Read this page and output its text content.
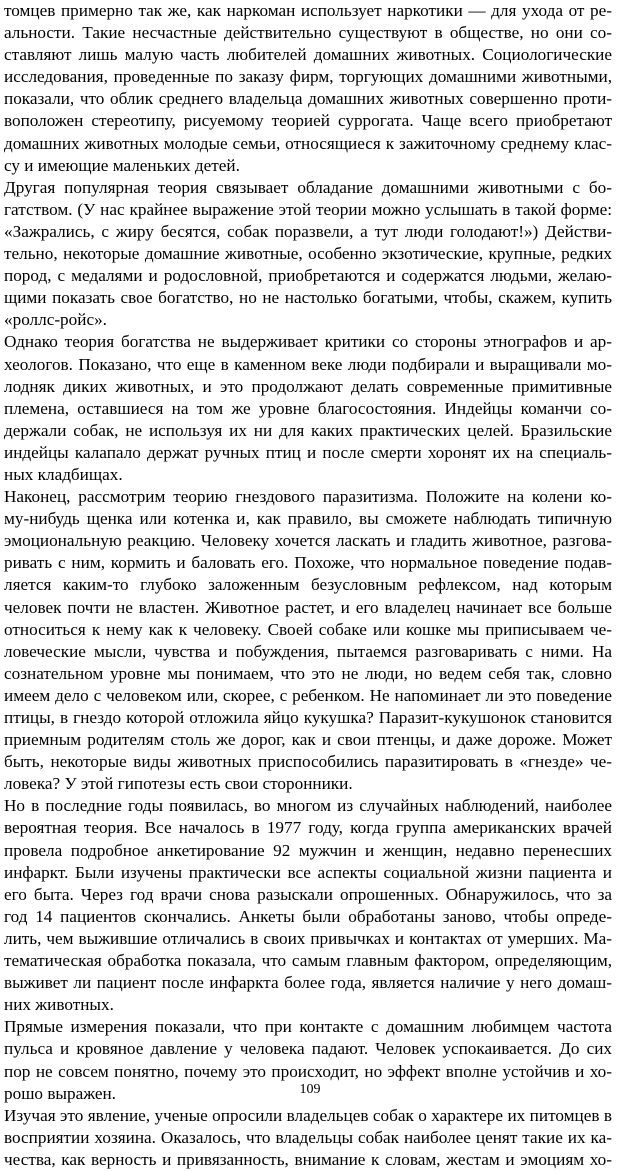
томцев примерно так же, как наркоман использует наркотики — для ухода от ре-
альности. Такие несчастные действительно существуют в обществе, но они со-
ставляют лишь малую часть любителей домашних животных. Социологические
исследования, проведенные по заказу фирм, торгующих домашними животными,
показали, что облик среднего владельца домашних животных совершенно проти-
воположен стереотипу, рисуемому теорией суррогата. Чаще всего приобретают
домашних животных молодые семьи, относящиеся к зажиточному среднему клас-
су и имеющие маленьких детей.
Другая популярная теория связывает обладание домашними животными с бо-
гатством. (У нас крайнее выражение этой теории можно услышать в такой форме:
«Зажрались, с жиру бесятся, собак поразвели, а тут люди голодают!») Действи-
тельно, некоторые домашние животные, особенно экзотические, крупные, редких
пород, с медалями и родословной, приобретаются и содержатся людьми, желаю-
щими показать свое богатство, но не настолько богатыми, чтобы, скажем, купить
«роллс-ройс».
Однако теория богатства не выдерживает критики со стороны этнографов и ар-
хеологов. Показано, что еще в каменном веке люди подбирали и выращивали мо-
лодняк диких животных, и это продолжают делать современные примитивные
племена, оставшиеся на том же уровне благосостояния. Индейцы команчи со-
держали собак, не используя их ни для каких практических целей. Бразильские
индейцы калапало держат ручных птиц и после смерти хоронят их на специаль-
ных кладбищах.
Наконец, рассмотрим теорию гнездового паразитизма. Положите на колени ко-
му-нибудь щенка или котенка и, как правило, вы сможете наблюдать типичную
эмоциональную реакцию. Человеку хочется ласкать и гладить животное, разгова-
ривать с ним, кормить и баловать его. Похоже, что нормальное поведение подав-
ляется каким-то глубоко заложенным безусловным рефлексом, над которым
человек почти не властен. Животное растет, и его владелец начинает все больше
относиться к нему как к человеку. Своей собаке или кошке мы приписываем че-
ловеческие мысли, чувства и побуждения, пытаемся разговаривать с ними. На
сознательном уровне мы понимаем, что это не люди, но ведем себя так, словно
имеем дело с человеком или, скорее, с ребенком. Не напоминает ли это поведение
птицы, в гнездо которой отложила яйцо кукушка? Паразит-кукушонок становится
приемным родителям столь же дорог, как и свои птенцы, и даже дороже. Может
быть, некоторые виды животных приспособились паразитировать в «гнезде» че-
ловека? У этой гипотезы есть свои сторонники.
Но в последние годы появилась, во многом из случайных наблюдений, наиболее
вероятная теория. Все началось в 1977 году, когда группа американских врачей
провела подробное анкетирование 92 мужчин и женщин, недавно перенесших
инфаркт. Были изучены практически все аспекты социальной жизни пациента и
его быта. Через год врачи снова разыскали опрошенных. Обнаружилось, что за
год 14 пациентов скончались. Анкеты были обработаны заново, чтобы опреде-
лить, чем выжившие отличались в своих привычках и контактах от умерших. Ма-
тематическая обработка показала, что самым главным фактором, определяющим,
выживет ли пациент после инфаркта более года, является наличие у него домаш-
них животных.
Прямые измерения показали, что при контакте с домашним любимцем частота
пульса и кровяное давление у человека падают. Человек успокаивается. До сих
пор не совсем понятно, почему это происходит, но эффект вполне устойчив и хо-
рошо выражен.
Изучая это явление, ученые опросили владельцев собак о характере их питомцев в
восприятии хозяина. Оказалось, что владельцы собак наиболее ценят такие их ка-
чества, как верность и привязанность, внимание к словам, жестам и эмоциям хо-
109
